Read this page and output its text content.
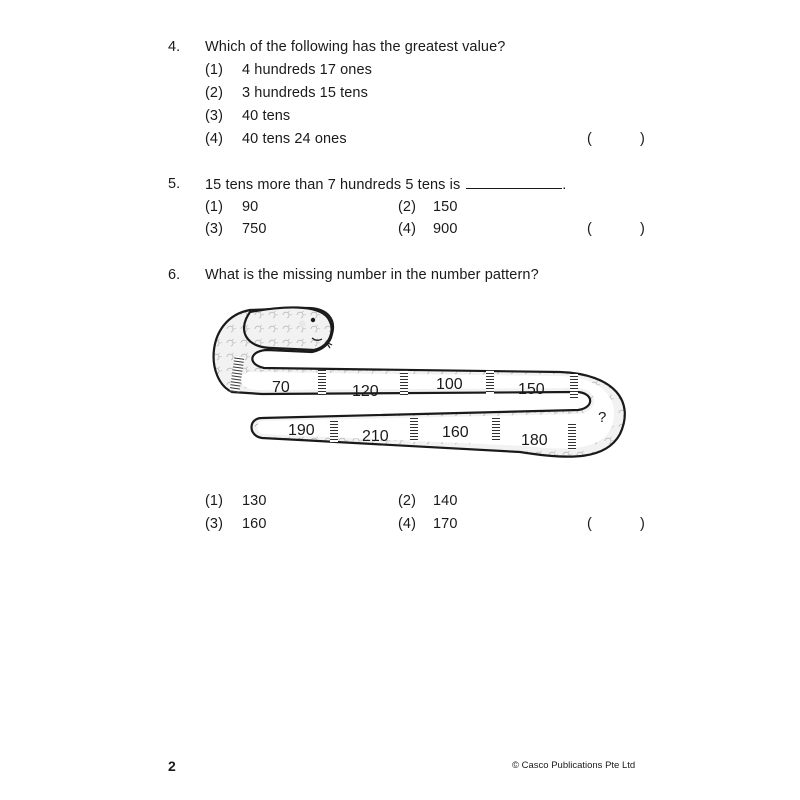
4. Which of the following has the greatest value?
(1) 4 hundreds 17 ones
(2) 3 hundreds 15 tens
(3) 40 tens
(4) 40 tens 24 ones	(	)
5. 15 tens more than 7 hundreds 5 tens is	.
(1) 90	(2) 150
(3) 750	(4) 900	(	)
6. What is the missing number in the number pattern?
70	120	100	150
190	210	160	180
?
(1) 130	(2) 140
(3) 160	(4) 170	(	)
2	© Casco Publications Pte Ltd
